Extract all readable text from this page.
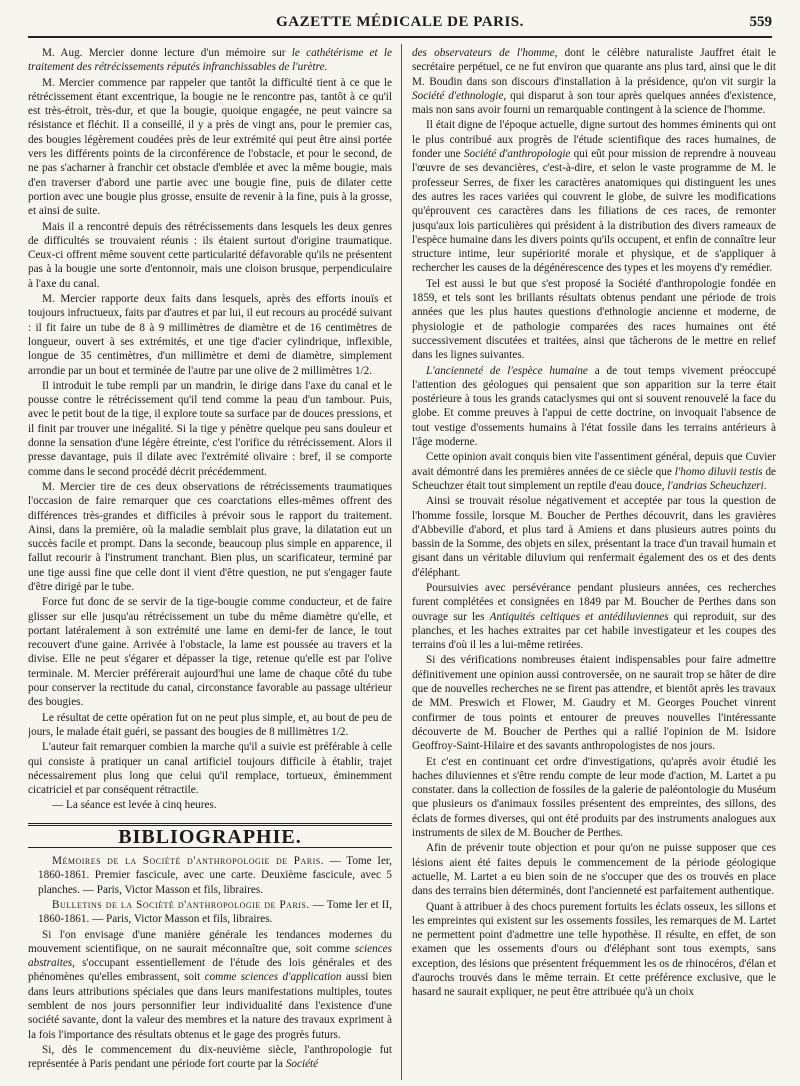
GAZETTE MÉDICALE DE PARIS.	559

M. Aug. Mercier donne lecture d'un mémoire sur le cathétérisme et le traitement des rétrécissements réputés infranchissables de l'urètre.

M. Mercier commence par rappeler que tantôt la difficulté tient à ce que le rétrécissement étant excentrique, la bougie ne le rencontre pas, tantôt à ce qu'il est très-étroit, très-dur, et que la bougie, quoique engagée, ne peut vaincre sa résistance et fléchit. Il a conseillé, il y a près de vingt ans, pour le premier cas, des bougies légèrement coudées près de leur extrémité qui peut être ainsi portée vers les différents points de la circonférence de l'obstacle, et pour le second, de ne pas s'acharner à franchir cet obstacle d'emblée et avec la même bougie, mais d'en traverser d'abord une partie avec une bougie fine, puis de dilater cette portion avec une bougie plus grosse, ensuite de revenir à la fine, puis à la grosse, et ainsi de suite.

Mais il a rencontré depuis des rétrécissements dans lesquels les deux genres de difficultés se trouvaient réunis : ils étaient surtout d'origine traumatique. Ceux-ci offrent même souvent cette particularité défavorable qu'ils ne présentent pas à la bougie une sorte d'entonnoir, mais une cloison brusque, perpendiculaire à l'axe du canal.

M. Mercier rapporte deux faits dans lesquels, après des efforts inouïs et toujours infructueux, faits par d'autres et par lui, il eut recours au procédé suivant : il fit faire un tube de 8 à 9 millimètres de diamètre et de 16 centimètres de longueur, ouvert à ses extrémités, et une tige d'acier cylindrique, inflexible, longue de 35 centimètres, d'un millimètre et demi de diamètre, simplement arrondie par un bout et terminée de l'autre par une olive de 2 millimètres 1/2.

Il introduit le tube rempli par un mandrin, le dirige dans l'axe du canal et le pousse contre le rétrécissement qu'il tend comme la peau d'un tambour. Puis, avec le petit bout de la tige, il explore toute sa surface par de douces pressions, et il finit par trouver une inégalité. Si la tige y pénètre quelque peu sans douleur et donne la sensation d'une légère étreinte, c'est l'orifice du rétrécissement. Alors il presse davantage, puis il dilate avec l'extrémité olivaire : bref, il se comporte comme dans le second procédé décrit précédemment.

M. Mercier tire de ces deux observations de rétrécissements traumatiques l'occasion de faire remarquer que ces coarctations elles-mêmes offrent des différences très-grandes et difficiles à prévoir sous le rapport du traitement. Ainsi, dans la première, où la maladie semblait plus grave, la dilatation eut un succès facile et prompt. Dans la seconde, beaucoup plus simple en apparence, il fallut recourir à l'instrument tranchant. Bien plus, un scarificateur, terminé par une tige aussi fine que celle dont il vient d'être question, ne put s'engager faute d'être dirigé par le tube.

Force fut donc de se servir de la tige-bougie comme conducteur, et de faire glisser sur elle jusqu'au rétrécissement un tube du même diamètre qu'elle, et portant latéralement à son extrémité une lame en demi-fer de lance, le tout recouvert d'une gaine. Arrivée à l'obstacle, la lame est poussée au travers et la divise. Elle ne peut s'égarer et dépasser la tige, retenue qu'elle est par l'olive terminale. M. Mercier préférerait aujourd'hui une lame de chaque côté du tube pour conserver la rectitude du canal, circonstance favorable au passage ultérieur des bougies.

Le résultat de cette opération fut on ne peut plus simple, et, au bout de peu de jours, le malade était guéri, se passant des bougies de 8 millimètres 1/2.

L'auteur fait remarquer combien la marche qu'il a suivie est préférable à celle qui consiste à pratiquer un canal artificiel toujours difficile à établir, trajet nécessairement plus long que celui qu'il remplace, tortueux, éminemment cicatriciel et par conséquent rétractile.

— La séance est levée à cinq heures.

BIBLIOGRAPHIE.

Mémoires de la Société d'anthropologie de Paris. — Tome Ier, 1860-1861. Premier fascicule, avec une carte. Deuxième fascicule, avec 5 planches. — Paris, Victor Masson et fils, libraires.

Bulletins de la Société d'anthropologie de Paris. — Tome Ier et II, 1860-1861. — Paris, Victor Masson et fils, libraires.

Si l'on envisage d'une manière générale les tendances modernes du mouvement scientifique, on ne saurait méconnaître que, soit comme sciences abstraites, s'occupant essentiellement de l'étude des lois générales et des phénomènes qu'elles embrassent, soit comme sciences d'application aussi bien dans leurs attributions spéciales que dans leurs manifestations multiples, toutes semblent de nos jours personnifier leur individualité dans l'existence d'une société savante, dont la valeur des membres et la nature des travaux expriment à la fois l'importance des résultats obtenus et le gage des progrès futurs.

Si, dès le commencement du dix-neuvième siècle, l'anthropologie fut représentée à Paris pendant une période fort courte par la Société

des observateurs de l'homme, dont le célèbre naturaliste Jauffret était le secrétaire perpétuel, ce ne fut environ que quarante ans plus tard, ainsi que le dit M. Boudin dans son discours d'installation à la présidence, qu'on vit surgir la Société d'ethnologie, qui disparut à son tour après quelques années d'existence, mais non sans avoir fourni un remarquable contingent à la science de l'homme.

Il était digne de l'époque actuelle, digne surtout des hommes éminents qui ont le plus contribué aux progrès de l'étude scientifique des races humaines, de fonder une Société d'anthropologie qui eût pour mission de reprendre à nouveau l'œuvre de ses devancières, c'est-à-dire, et selon le vaste programme de M. le professeur Serres, de fixer les caractères anatomiques qui distinguent les unes des autres les races variées qui couvrent le globe, de suivre les modifications qu'éprouvent ces caractères dans les filiations de ces races, de remonter jusqu'aux lois particulières qui président à la distribution des divers rameaux de l'espèce humaine dans les divers points qu'ils occupent, et enfin de connaître leur structure intime, leur supériorité morale et physique, et de s'appliquer à rechercher les causes de la dégénérescence des types et les moyens d'y remédier.

Tel est aussi le but que s'est proposé la Société d'anthropologie fondée en 1859, et tels sont les brillants résultats obtenus pendant une période de trois années que les plus hautes questions d'ethnologie ancienne et moderne, de physiologie et de pathologie comparées des races humaines ont été successivement discutées et traitées, ainsi que tâcherons de le mettre en relief dans les lignes suivantes.

L'ancienneté de l'espèce humaine a de tout temps vivement préoccupé l'attention des géologues qui pensaient que son apparition sur la terre était postérieure à tous les grands cataclysmes qui ont si souvent renouvelé la face du globe. Et comme preuves à l'appui de cette doctrine, on invoquait l'absence de tout vestige d'ossements humains à l'état fossile dans les terrains antérieurs à l'âge moderne.

Cette opinion avait conquis bien vite l'assentiment général, depuis que Cuvier avait démontré dans les premières années de ce siècle que l'homo diluvii testis de Scheuchzer était tout simplement un reptile d'eau douce, l'andrias Scheuchzeri.

Ainsi se trouvait résolue négativement et acceptée par tous la question de l'homme fossile, lorsque M. Boucher de Perthes découvrit, dans les gravières d'Abbeville d'abord, et plus tard à Amiens et dans plusieurs autres points du bassin de la Somme, des objets en silex, présentant la trace d'un travail humain et gisant dans un véritable diluvium qui renfermait également des os et des dents d'éléphant.

Poursuivies avec persévérance pendant plusieurs années, ces recherches furent complétées et consignées en 1849 par M. Boucher de Perthes dans son ouvrage sur les Antiquités celtiques et antédiluviennes qui reproduit, sur des planches, et les haches extraites par cet habile investigateur et les coupes des terrains d'où il les a lui-même retirées.

Si des vérifications nombreuses étaient indispensables pour faire admettre définitivement une opinion aussi controversée, on ne saurait trop se hâter de dire que de nouvelles recherches ne se firent pas attendre, et bientôt après les travaux de MM. Preswich et Flower, M. Gaudry et M. Georges Pouchet vinrent confirmer de tous points et entourer de preuves nouvelles l'intéressante découverte de M. Boucher de Perthes qui a rallié l'opinion de M. Isidore Geoffroy-Saint-Hilaire et des savants anthropologistes de nos jours.

Et c'est en continuant cet ordre d'investigations, qu'après avoir étudié les haches diluviennes et s'être rendu compte de leur mode d'action, M. Lartet a pu constater. dans la collection de fossiles de la galerie de paléontologie du Muséum que plusieurs os d'animaux fossiles présentent des empreintes, des sillons, des éclats de formes diverses, qui ont été produits par des instruments analogues aux instruments de silex de M. Boucher de Perthes.

Afin de prévenir toute objection et pour qu'on ne puisse supposer que ces lésions aient été faites depuis le commencement de la période géologique actuelle, M. Lartet a eu bien soin de ne s'occuper que des os trouvés en place dans des terrains bien déterminés, dont l'ancienneté est parfaitement authentique.

Quant à attribuer à des chocs purement fortuits les éclats osseux, les sillons et les empreintes qui existent sur les ossements fossiles, les remarques de M. Lartet ne permettent point d'admettre une telle hypothèse. Il résulte, en effet, de son examen que les ossements d'ours ou d'éléphant sont tous exempts, sans exception, des lésions que présentent fréquemment les os de rhinocéros, d'élan et d'aurochs trouvés dans le même terrain. Et cette préférence exclusive, que le hasard ne saurait expliquer, ne peut être attribuée qu'à un choix
